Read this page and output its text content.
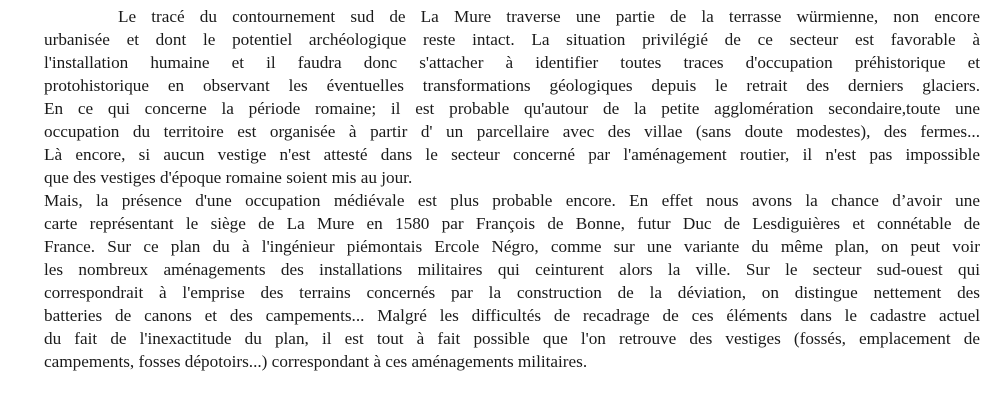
Le tracé du contournement sud de La Mure traverse une partie de la terrasse würmienne, non encore
urbanisée et dont le potentiel archéologique reste intact. La situation privilégié de ce secteur est favorable à
l'installation humaine et il faudra donc s'attacher à identifier toutes traces d'occupation préhistorique et
protohistorique en observant les éventuelles transformations géologiques depuis le retrait des derniers glaciers.
En ce qui concerne la période romaine; il est probable qu'autour de la petite agglomération secondaire,toute une
occupation du territoire est organisée à partir d' un parcellaire avec des villae (sans doute modestes), des fermes...
Là encore, si aucun vestige n'est attesté dans le secteur concerné par l'aménagement routier, il n'est pas impossible
que des vestiges d'époque romaine soient mis au jour.
Mais, la présence d'une occupation médiévale est plus probable encore. En effet nous avons la chance d’avoir une
carte représentant le siège de La Mure en 1580 par François de Bonne, futur Duc de Lesdiguières et connétable de
France. Sur ce plan du à l'ingénieur piémontais Ercole Négro, comme sur une variante du même plan, on peut voir
les nombreux aménagements des installations militaires qui ceinturent alors la ville. Sur le secteur sud-ouest qui
correspondrait à l'emprise des terrains concernés par la construction de la déviation, on distingue nettement des
batteries de canons et des campements... Malgré les difficultés de recadrage de ces éléments dans le cadastre actuel
du fait de l'inexactitude du plan, il est tout à fait possible que l'on retrouve des vestiges (fossés, emplacement de
campements, fosses dépotoirs...) correspondant à ces aménagements militaires.
